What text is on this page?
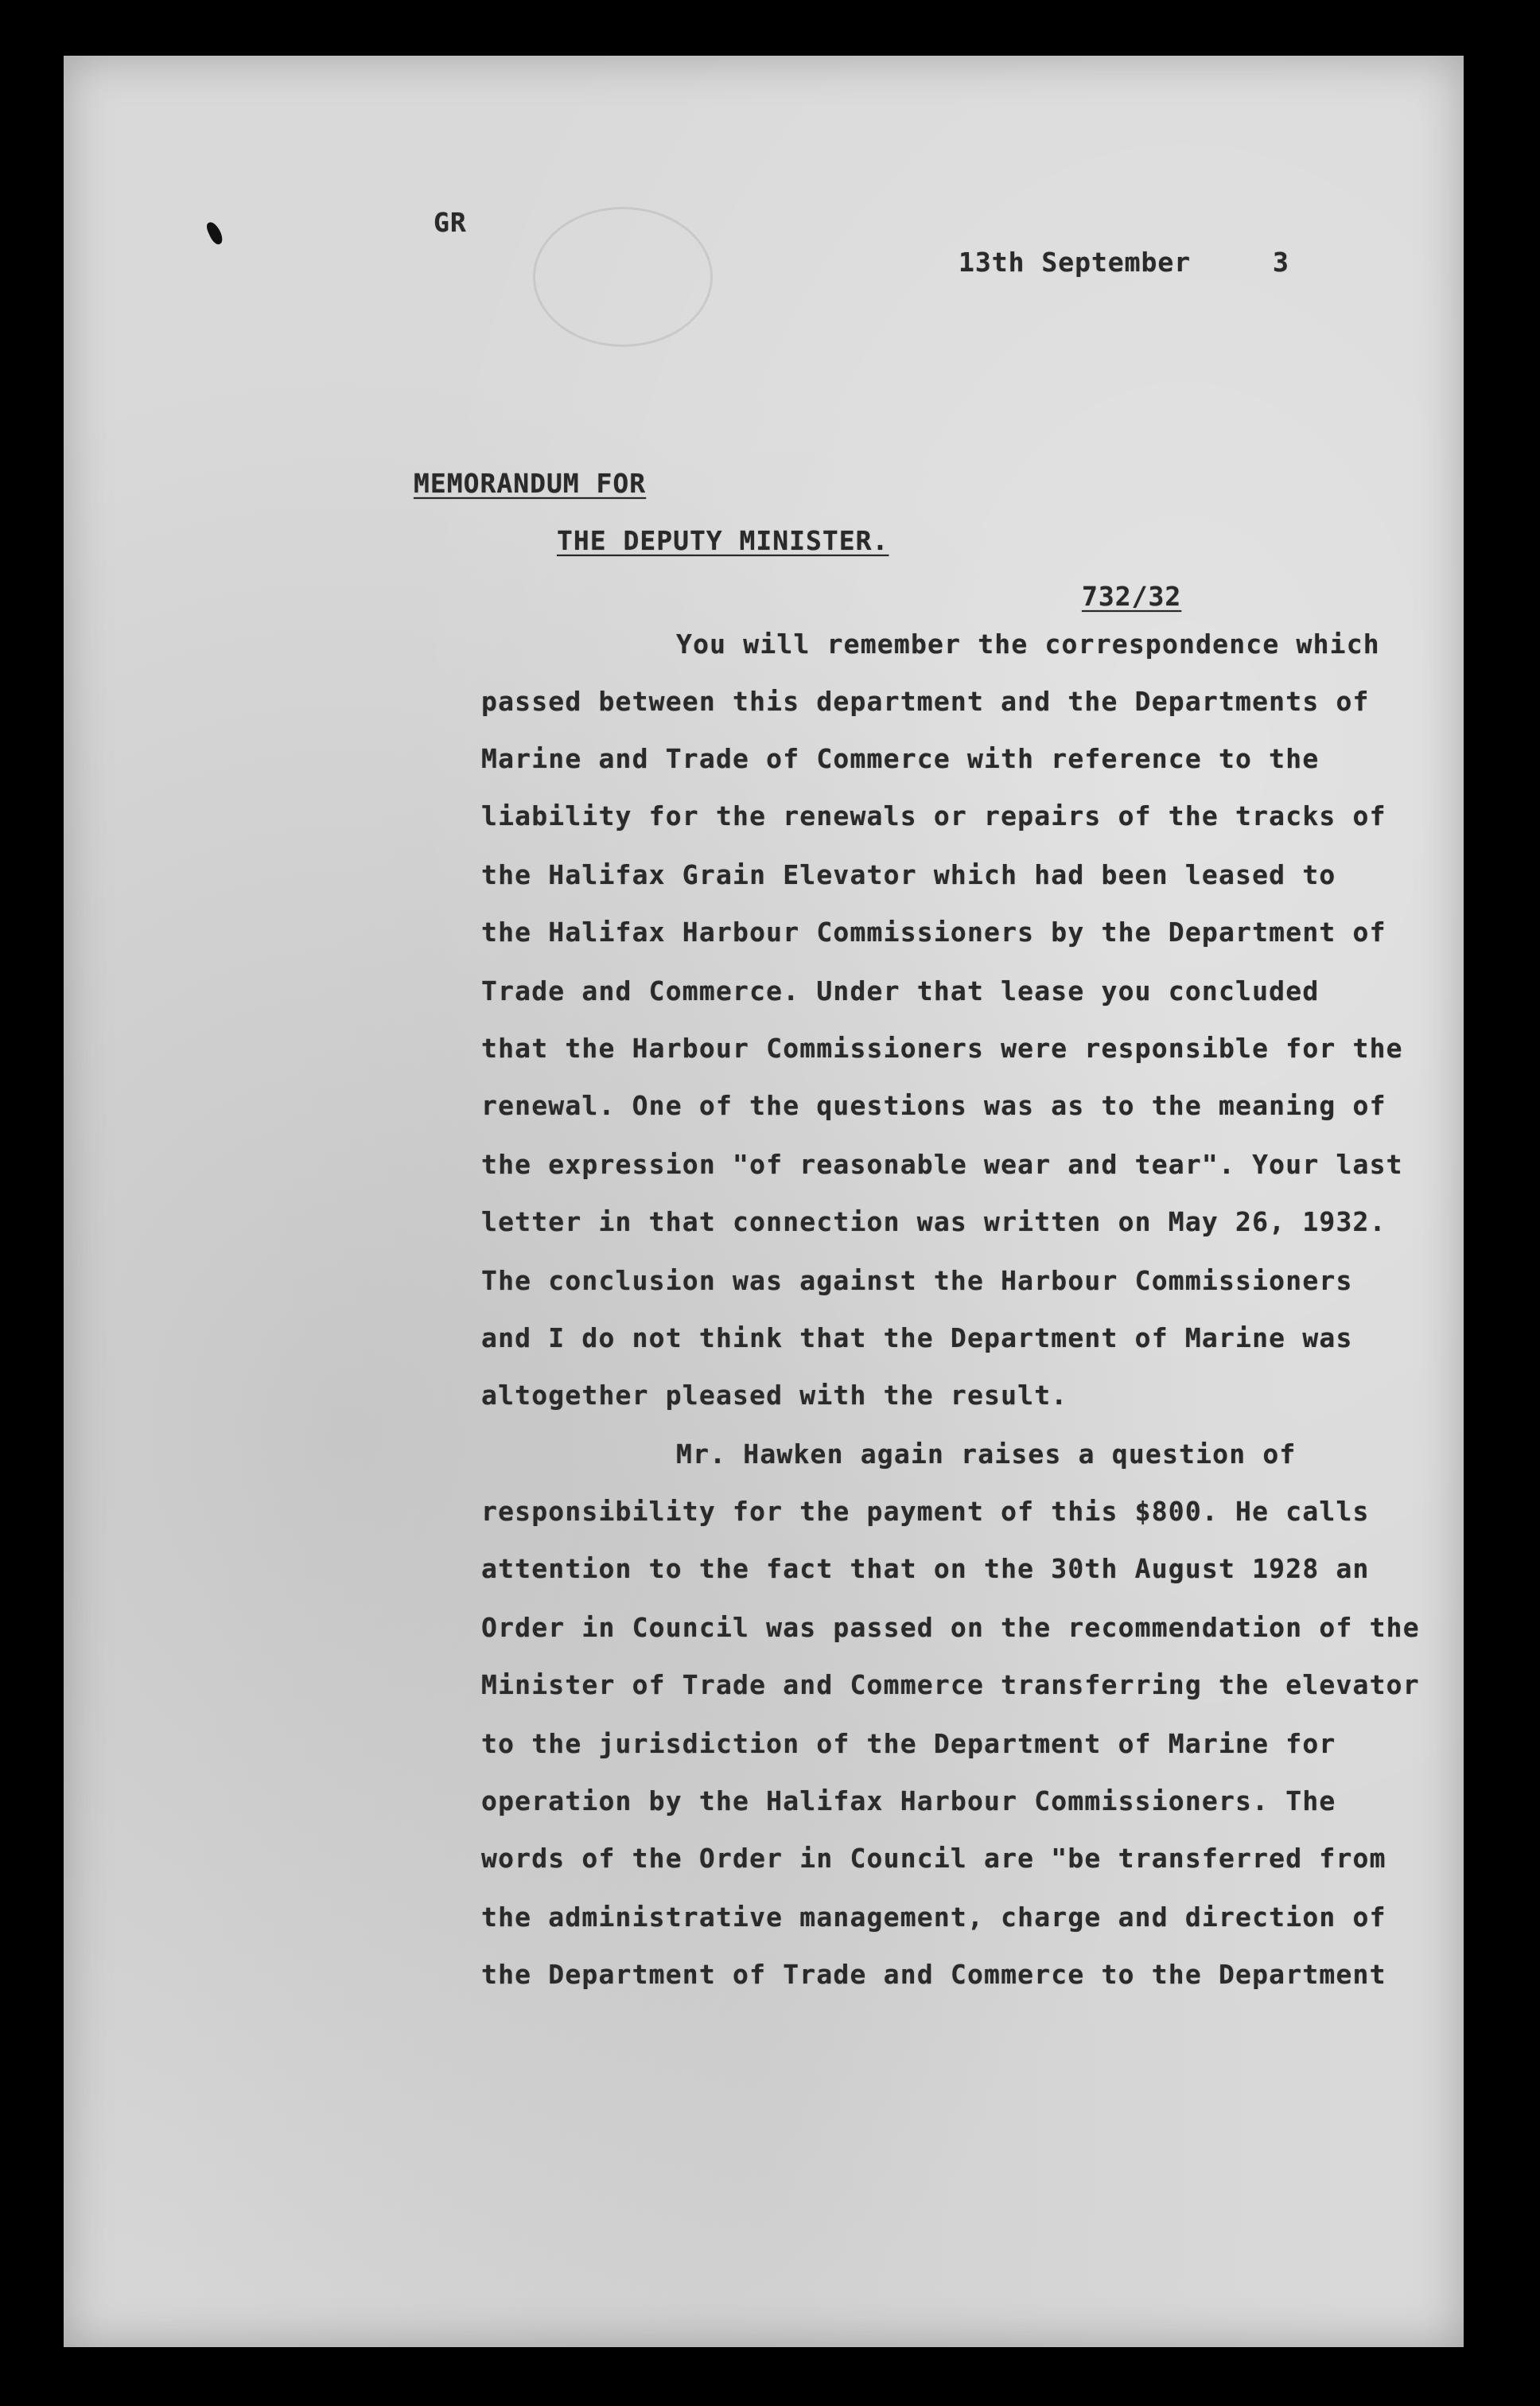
GR
13th September	3
MEMORANDUM FOR
THE DEPUTY MINISTER.
732/32
You will remember the correspondence which
passed between this department and the Departments of
Marine and Trade of Commerce with reference to the
liability for the renewals or repairs of the tracks of
the Halifax Grain Elevator which had been leased to
the Halifax Harbour Commissioners by the Department of
Trade and Commerce. Under that lease you concluded
that the Harbour Commissioners were responsible for the
renewal. One of the questions was as to the meaning of
the expression "of reasonable wear and tear". Your last
letter in that connection was written on May 26, 1932.
The conclusion was against the Harbour Commissioners
and I do not think that the Department of Marine was
altogether pleased with the result.
Mr. Hawken again raises a question of
responsibility for the payment of this $800. He calls
attention to the fact that on the 30th August 1928 an
Order in Council was passed on the recommendation of the
Minister of Trade and Commerce transferring the elevator
to the jurisdiction of the Department of Marine for
operation by the Halifax Harbour Commissioners. The
words of the Order in Council are "be transferred from
the administrative management, charge and direction of
the Department of Trade and Commerce to the Department
